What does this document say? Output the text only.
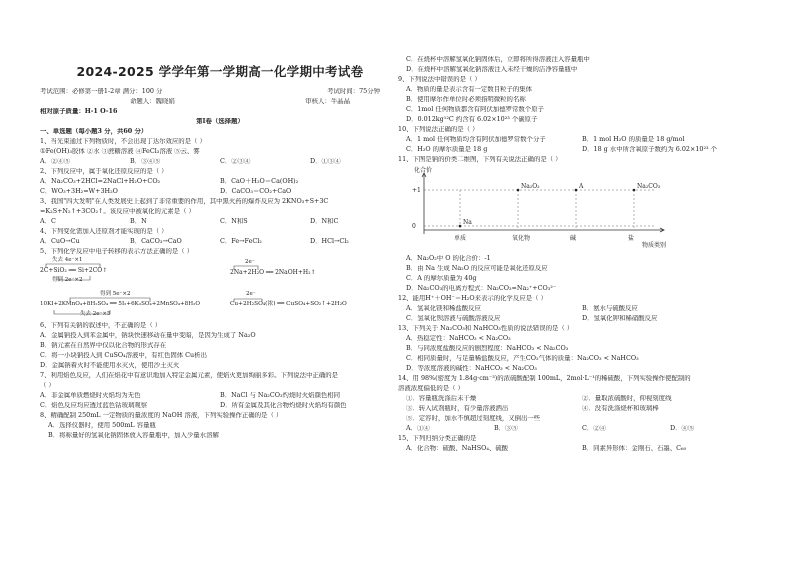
2024-2025 学学年第一学期高一化学期中考试卷
考试范围：必修第一册1-2章 满分：100 分	考试时间：75分钟
命题人：魏晓娟	审核人：牛晶晶
相对原子质量：H-1 O-16
第Ⅰ卷（选择题）
一、单选题（每小题3 分，共60 分）
1、当光束通过下列物质时，不会出现丁达尔效应的是（ ）
①Fe(OH)₃胶体 ②水 ③蔗糖溶液 ④FeCl₃溶液 ⑤云、雾
A．②④⑤	B．③④⑤	C．②③④	D．①③④
2、下列反应中，属于氧化还原反应的是（ ）
A．Na₂CO₃+2HCl=2NaCl+H₂O+CO₂	B．CaO＋H₂O＝Ca(OH)₂
C．WO₃+3H₂=W+3H₂O	D．CaCO₃＝CO₂+CaO
3、我国"四大发明"在人类发展史上起到了非常重要的作用，其中黑火药的爆炸反应为 2KNO₃+S+3C
=K₂S+N₂↑+3CO₂↑。该反应中被氧化的元素是（ ）
A．C	B．N	C．N和S	D．N和C
4、下列变化需加入还原剂才能实现的是（ ）
A．CuO→Cu	B．CaCO₃→CaO	C．Fe→FeCl₂	D．HCl→Cl₂
5、下列化学反应中电子转移的表示方法正确的是（ ）
失去 4e⁻×1
2C+SiO₂ ══ Si+2CO↑
得到 2e⁻×2
2e⁻
2Na+2H₂O ══ 2NaOH+H₂↑
得到 5e⁻×2
10KI+2KMnO₄+8H₂SO₄ ══ 5I₂+6K₂SO₄+2MnSO₄+8H₂O
失去 2e⁻×5
2e⁻
Cu+2H₂SO₄(浓) ══ CuSO₄+SO₂↑+2H₂O
6、下列有关钠的叙述中，不正确的是（ ）
A．金属钠投入到苯金属中，钠块快速移动在量中变暗，是因为生成了 Na₂O
B．钠元素在自然界中仅以化合物的形式存在
C．将一小块钠投入到 CuSO₄溶液中，有红色固体 Cu析出
D．金属钠着火时不能使用水灭火，使用沙土灭火
7、利用焰色反应，人们在焰花中有意识地加入特定金属元素，使焰火更加绚丽多彩。下列说法中正确的是
（ ）
A．非金属单质燃烧时火焰均为无色	B．NaCl 与 Na₂CO₃灼烧时火焰颜色相同
C．焰色反应均应透过蓝色钴玻璃观察	D．所有金属及其化合物灼烧时火焰均有颜色
8、精确配制 250mL 一定物质的量浓度的 NaOH 溶液，下列实验操作正确的是（ ）
A．选择仪器时，使用 500mL 容量瓶
B．将称量好的氢氧化钠固体放入容量瓶中，加入少量水溶解
C．在烧杯中溶解氢氧化钠固体后，立即将所得溶液注入容量瓶中
D．在烧杯中溶解氢氧化钠溶液注入未经干燥的洁净容量瓶中
9、下列说法中错误的是（ ）
A．物质的量是表示含有一定数目粒子的集体
B．使用摩尔作单位时必须指明微粒的名称
C．1mol 任何物质都含有阿伏加德罗常数个原子
D．0.012kg¹²C 约含有 6.02×10²³ 个碳原子
10、下列说法正确的是（ ）
A．1 mol 任何物质均含有阿伏加德罗常数个分子	B．1 mol H₂O 的质量是 18 g/mol
C．H₂O 的摩尔质量是 18 g	D．18 g 水中所含氧原子数约为 6.02×10²³ 个
11、下图是钠的价类二维图，下列有关说法正确的是（ ）
+1
0
单质	氧化物	碱	盐
Na
Na₂O₂	A	Na₂CO₃
化合价
物质类别
A．Na₂O₂中 O 的化合价：-1
B．由 Na 生成 Na₂O 的反应可能是氧化还原反应
C．A 的摩尔质量为 40g
D．Na₂CO₃的电离方程式：Na₂CO₃=Na₂⁺+CO₃²⁻
12、能用H⁺＋OH⁻＝H₂O来表示的化学反应是（ ）
A．氢氧化镁和稀盐酸反应	B．氨水与硫酸反应
C．氢氧化钡溶液与硫酸溶液反应	D．氢氧化钾和稀硝酸反应
13、下列关于 Na₂CO₃和 NaHCO₃性质的说法错误的是（ ）
A．热稳定性：NaHCO₃ < Na₂CO₃
B．与同浓度盐酸反应的剧烈程度：NaHCO₃ < Na₂CO₃
C．相同质量时，与足量稀盐酸反应，产生CO₂气体的质量：Na₂CO₃ < NaHCO₃
D．等浓度溶液的碱性：NaHCO₃ < Na₂CO₃
14、用 98%(密度为 1.84g·cm⁻³)的浓硫酸配制 100mL，2mol·L⁻¹的稀硫酸，下列实验操作使配制的
溶液浓度偏低的是（ ）
①．容量瓶洗涤后未干燥	②．量取浓硫酸时，仰视刻度线
③．转入试剂瓶时，有少量溶液洒出	④．没有洗涤烧杯和玻璃棒
⑤．定容时，加水不慎超过刻度线，又倒出一些
A．①④	B．③⑤	C．②④	D．④⑤
15、下列归纳分类正确的是
A．化合物：硫酸、NaHSO₄、硫酸	B．同素异形体：金刚石、石墨、C₆₀
